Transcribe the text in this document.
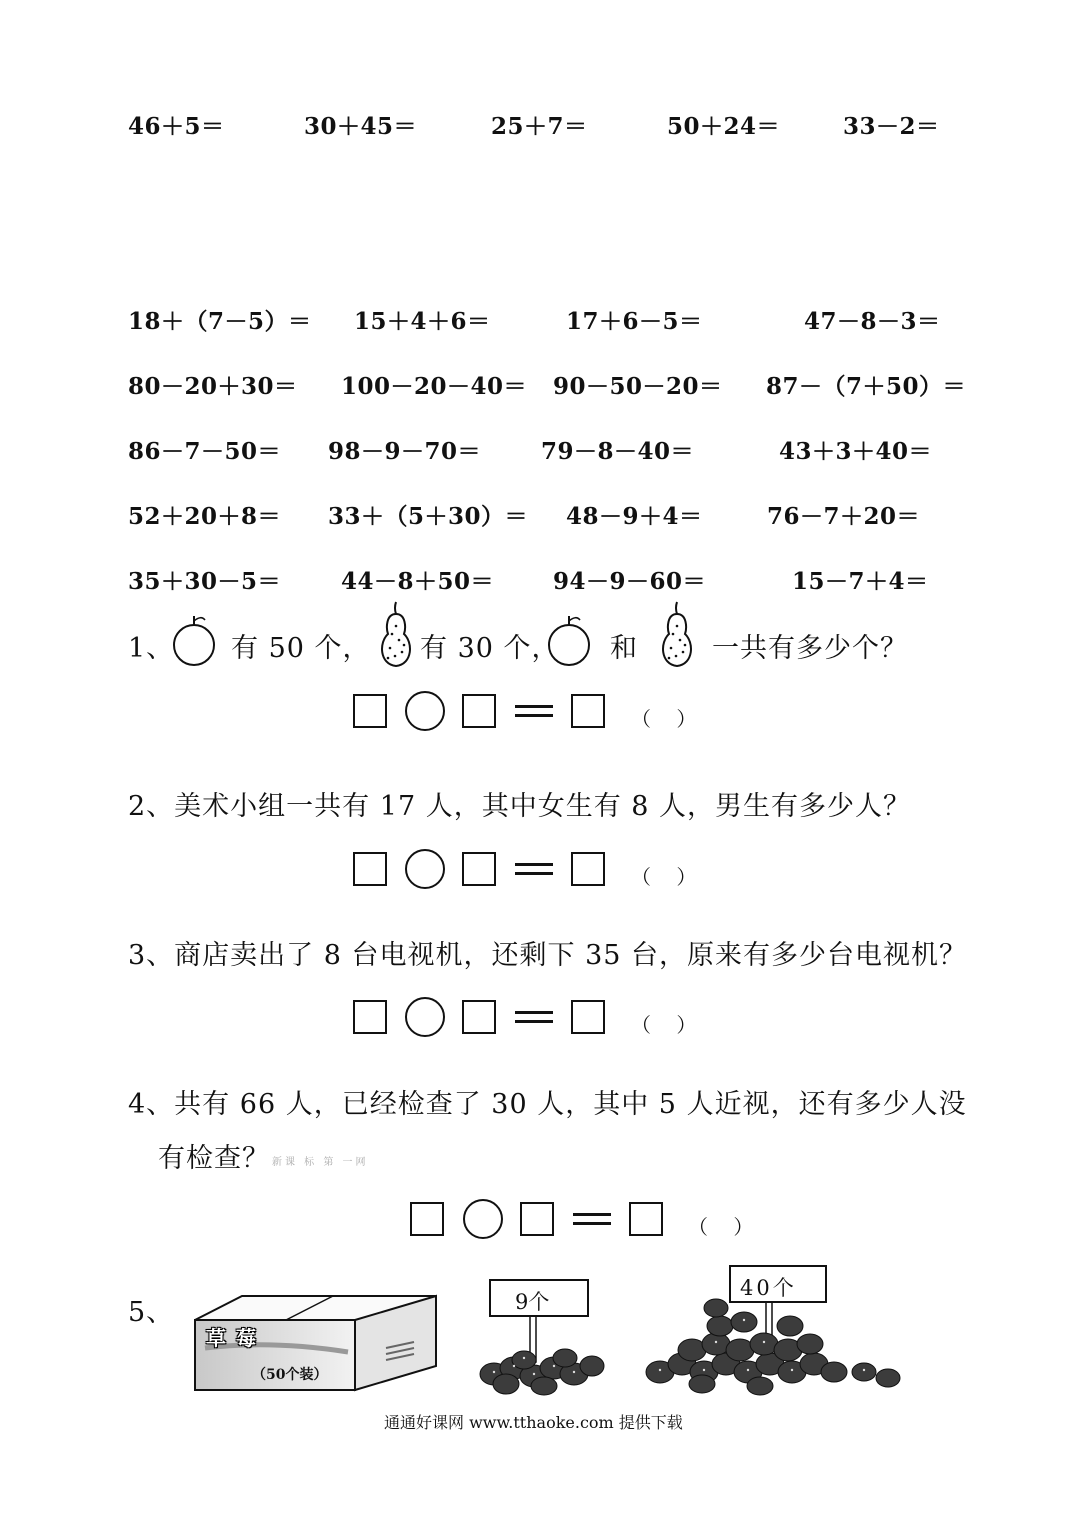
46＋5＝	30＋45＝	25＋7＝	50＋24＝	33－2＝
18＋（7－5）＝ 15＋4＋6＝	17＋6－5＝	47－8－3＝
80－20＋30＝ 100－20－40＝ 90－50－20＝ 87－（7＋50）＝
86－7－50＝ 98－9－70＝	79－8－40＝	43＋3＋40＝
52＋20＋8＝ 33＋（5＋30）＝ 48－9＋4＝	76－7＋20＝
35＋30－5＝	44－8＋50＝	94－9－60＝	15－7＋4＝
1、 有 50 个， 有 30 个， 和	一共有多少个？
（    ）
2、美术小组一共有 17 人，其中女生有 8 人，男生有多少人？
（    ）
3、商店卖出了 8 台电视机，还剩下 35 台，原来有多少台电视机？
（    ）
4、共有 66 人，已经检查了 30 人，其中 5 人近视，还有多少人没
有检查？ 新课 标 第 一网
（    ）
5、
草莓
（50个装）
9个
40个
通通好课网 www.tthaoke.com 提供下载
